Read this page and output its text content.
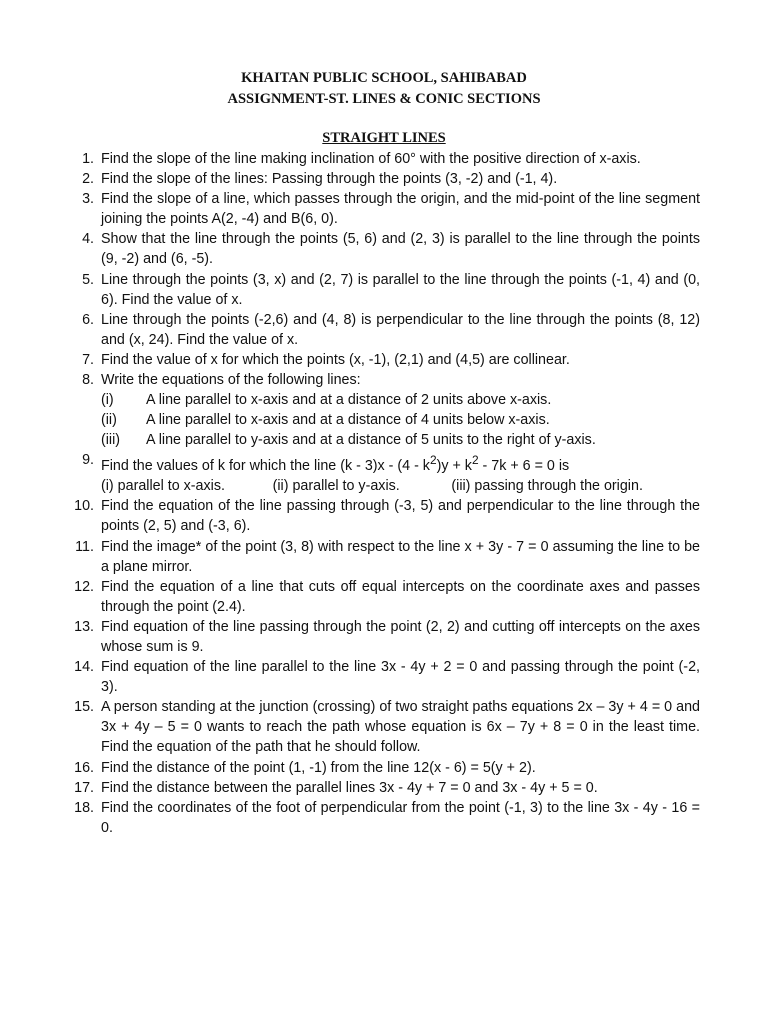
KHAITAN PUBLIC SCHOOL, SAHIBABAD
ASSIGNMENT-ST. LINES & CONIC SECTIONS
STRAIGHT LINES
1. Find the slope of the line making inclination of 60° with the positive direction of x-axis.
2. Find the slope of the lines: Passing through the points (3, -2) and (-1, 4).
3. Find the slope of a line, which passes through the origin, and the mid-point of the line segment joining the points A(2, -4) and B(6, 0).
4. Show that the line through the points (5, 6) and (2, 3) is parallel to the line through the points (9, -2) and (6, -5).
5. Line through the points (3, x) and (2, 7) is parallel to the line through the points (-1, 4) and (0, 6). Find the value of x.
6. Line through the points (-2,6) and (4, 8) is perpendicular to the line through the points (8, 12) and (x, 24). Find the value of x.
7. Find the value of x for which the points (x, -1), (2,1) and (4,5) are collinear.
8. Write the equations of the following lines:
(i) A line parallel to x-axis and at a distance of 2 units above x-axis.
(ii) A line parallel to x-axis and at a distance of 4 units below x-axis.
(iii) A line parallel to y-axis and at a distance of 5 units to the right of y-axis.
9. Find the values of k for which the line $(k - 3)x - (4 - k^2)y + k^2 - 7k + 6 = 0$ is
(i) parallel to x-axis.	(ii) parallel to y-axis.	(iii) passing through the origin.
10. Find the equation of the line passing through (-3, 5) and perpendicular to the line through the points (2, 5) and (-3, 6).
11. Find the image* of the point (3, 8) with respect to the line x + 3y - 7 = 0 assuming the line to be a plane mirror.
12. Find the equation of a line that cuts off equal intercepts on the coordinate axes and passes through the point (2.4).
13. Find equation of the line passing through the point (2, 2) and cutting off intercepts on the axes whose sum is 9.
14. Find equation of the line parallel to the line 3x - 4y + 2 = 0 and passing through the point (-2, 3).
15. A person standing at the junction (crossing) of two straight paths equations 2x – 3y + 4 = 0 and 3x + 4y – 5 = 0 wants to reach the path whose equation is 6x – 7y + 8 = 0 in the least time. Find the equation of the path that he should follow.
16. Find the distance of the point (1, -1) from the line 12(x - 6) = 5(y + 2).
17. Find the distance between the parallel lines 3x - 4y + 7 = 0 and 3x - 4y + 5 = 0.
18. Find the coordinates of the foot of perpendicular from the point (-1, 3) to the line 3x - 4y - 16 = 0.
